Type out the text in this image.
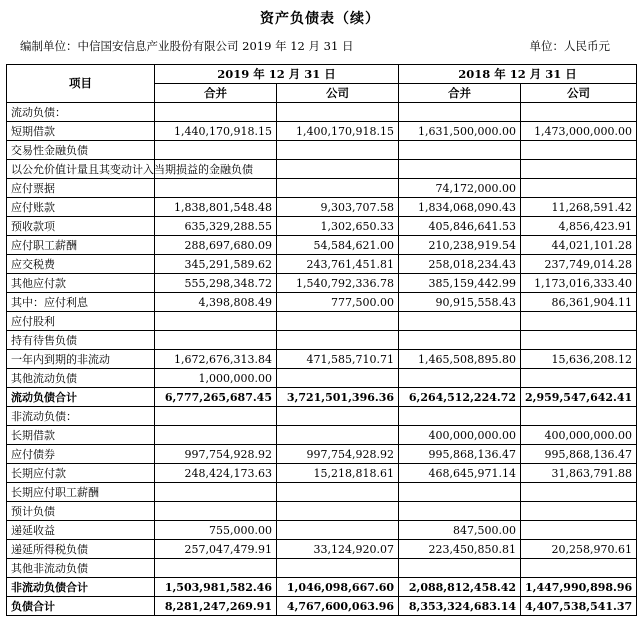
资产负债表（续）
编制单位：中信国安信息产业股份有限公司 2019 年 12 月 31 日	单位：人民币元
项目	2019 年 12 月 31 日		2018 年 12 月 31 日	
	合并	公司	合并	公司
流动负债：				
短期借款	1,440,170,918.15	1,400,170,918.15	1,631,500,000.00	1,473,000,000.00
交易性金融负债				
以公允价值计量且其变动计入当期损益的金融负债				
应付票据			74,172,000.00	
应付账款	1,838,801,548.48	9,303,707.58	1,834,068,090.43	11,268,591.42
预收款项	635,329,288.55	1,302,650.33	405,846,641.53	4,856,423.91
应付职工薪酬	288,697,680.09	54,584,621.00	210,238,919.54	44,021,101.28
应交税费	345,291,589.62	243,761,451.81	258,018,234.43	237,749,014.28
其他应付款	555,298,348.72	1,540,792,336.78	385,159,442.99	1,173,016,333.40
其中：应付利息	4,398,808.49	777,500.00	90,915,558.43	86,361,904.11
应付股利				
持有待售负债				
一年内到期的非流动	1,672,676,313.84	471,585,710.71	1,465,508,895.80	15,636,208.12
其他流动负债	1,000,000.00			
流动负债合计	6,777,265,687.45	3,721,501,396.36	6,264,512,224.72	2,959,547,642.41
非流动负债：				
长期借款			400,000,000.00	400,000,000.00
应付债券	997,754,928.92	997,754,928.92	995,868,136.47	995,868,136.47
长期应付款	248,424,173.63	15,218,818.61	468,645,971.14	31,863,791.88
长期应付职工薪酬				
预计负债				
递延收益	755,000.00		847,500.00	
递延所得税负债	257,047,479.91	33,124,920.07	223,450,850.81	20,258,970.61
其他非流动负债				
非流动负债合计	1,503,981,582.46	1,046,098,667.60	2,088,812,458.42	1,447,990,898.96
负债合计	8,281,247,269.91	4,767,600,063.96	8,353,324,683.14	4,407,538,541.37
